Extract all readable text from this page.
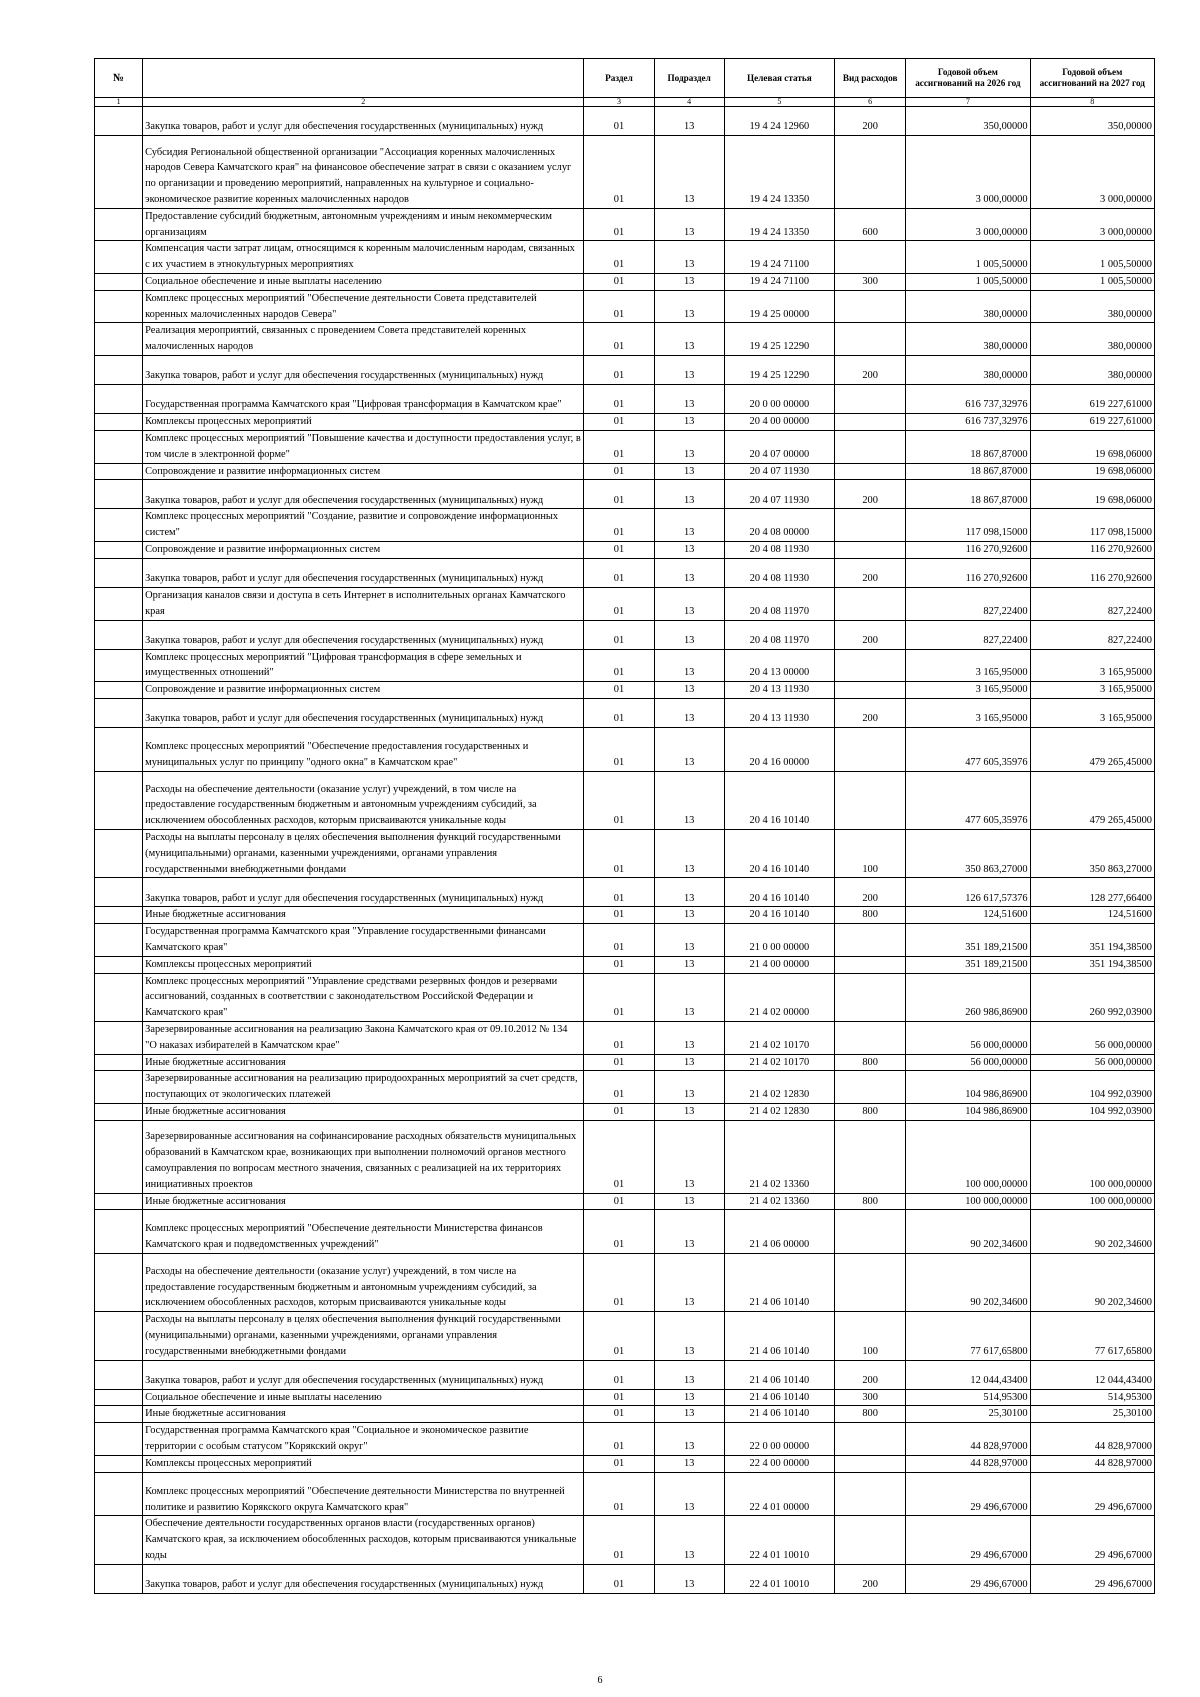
№		Раздел	Подраздел	Целевая статья	Вид расходов	Годовой объем ассигнований на 2026 год	Годовой объем ассигнований на 2027 год
1	2	3	4	5	6	7	8
	Закупка товаров, работ и услуг для обеспечения государственных (муниципальных) нужд	01	13	19 4 24 12960	200	350,00000	350,00000
	Субсидия Региональной общественной организации "Ассоциация коренных малочисленных народов Севера Камчатского края" на финансовое обеспечение затрат в связи с оказанием услуг по организации и проведению мероприятий, направленных на культурное и социально-экономическое развитие коренных малочисленных народов	01	13	19 4 24 13350		3 000,00000	3 000,00000
	Предоставление субсидий бюджетным, автономным учреждениям и иным некоммерческим организациям	01	13	19 4 24 13350	600	3 000,00000	3 000,00000
	Компенсация части затрат лицам, относящимся к коренным малочисленным народам, связанных с их участием в этнокультурных мероприятиях	01	13	19 4 24 71100		1 005,50000	1 005,50000
	Социальное обеспечение и иные выплаты населению	01	13	19 4 24 71100	300	1 005,50000	1 005,50000
	Комплекс процессных мероприятий "Обеспечение деятельности Совета представителей коренных малочисленных народов Севера"	01	13	19 4 25 00000		380,00000	380,00000
	Реализация мероприятий, связанных с проведением Совета представителей коренных малочисленных народов	01	13	19 4 25 12290		380,00000	380,00000
	Закупка товаров, работ и услуг для обеспечения государственных (муниципальных) нужд	01	13	19 4 25 12290	200	380,00000	380,00000
	Государственная программа Камчатского края "Цифровая трансформация в Камчатском крае"	01	13	20 0 00 00000		616 737,32976	619 227,61000
	Комплексы процессных мероприятий	01	13	20 4 00 00000		616 737,32976	619 227,61000
	Комплекс процессных мероприятий "Повышение качества и доступности предоставления услуг, в том числе в электронной форме"	01	13	20 4 07 00000		18 867,87000	19 698,06000
	Сопровождение и развитие информационных систем	01	13	20 4 07 11930		18 867,87000	19 698,06000
	Закупка товаров, работ и услуг для обеспечения государственных (муниципальных) нужд	01	13	20 4 07 11930	200	18 867,87000	19 698,06000
	Комплекс процессных мероприятий "Создание, развитие и сопровождение информационных систем"	01	13	20 4 08 00000		117 098,15000	117 098,15000
	Сопровождение и развитие информационных систем	01	13	20 4 08 11930		116 270,92600	116 270,92600
	Закупка товаров, работ и услуг для обеспечения государственных (муниципальных) нужд	01	13	20 4 08 11930	200	116 270,92600	116 270,92600
	Организация каналов связи и доступа в сеть Интернет в исполнительных органах Камчатского края	01	13	20 4 08 11970		827,22400	827,22400
	Закупка товаров, работ и услуг для обеспечения государственных (муниципальных) нужд	01	13	20 4 08 11970	200	827,22400	827,22400
	Комплекс процессных мероприятий "Цифровая трансформация в сфере земельных и имущественных отношений"	01	13	20 4 13 00000		3 165,95000	3 165,95000
	Сопровождение и развитие информационных систем	01	13	20 4 13 11930		3 165,95000	3 165,95000
	Закупка товаров, работ и услуг для обеспечения государственных (муниципальных) нужд	01	13	20 4 13 11930	200	3 165,95000	3 165,95000
	Комплекс процессных мероприятий "Обеспечение предоставления государственных и муниципальных услуг по принципу "одного окна" в Камчатском крае"	01	13	20 4 16 00000		477 605,35976	479 265,45000
	Расходы на обеспечение деятельности (оказание услуг) учреждений, в том числе на предоставление государственным бюджетным и автономным учреждениям субсидий, за исключением обособленных расходов, которым присваиваются уникальные коды	01	13	20 4 16 10140		477 605,35976	479 265,45000
	Расходы на выплаты персоналу в целях обеспечения выполнения функций государственными (муниципальными) органами, казенными учреждениями, органами управления государственными внебюджетными фондами	01	13	20 4 16 10140	100	350 863,27000	350 863,27000
	Закупка товаров, работ и услуг для обеспечения государственных (муниципальных) нужд	01	13	20 4 16 10140	200	126 617,57376	128 277,66400
	Иные бюджетные ассигнования	01	13	20 4 16 10140	800	124,51600	124,51600
	Государственная программа Камчатского края "Управление государственными финансами Камчатского края"	01	13	21 0 00 00000		351 189,21500	351 194,38500
	Комплексы процессных мероприятий	01	13	21 4 00 00000		351 189,21500	351 194,38500
	Комплекс процессных мероприятий "Управление средствами резервных фондов и резервами ассигнований, созданных в соответствии с законодательством Российской Федерации и Камчатского края"	01	13	21 4 02 00000		260 986,86900	260 992,03900
	Зарезервированные ассигнования на реализацию Закона Камчатского края от 09.10.2012 № 134 "О наказах избирателей в Камчатском крае"	01	13	21 4 02 10170		56 000,00000	56 000,00000
	Иные бюджетные ассигнования	01	13	21 4 02 10170	800	56 000,00000	56 000,00000
	Зарезервированные ассигнования на реализацию природоохранных мероприятий за счет средств, поступающих от экологических платежей	01	13	21 4 02 12830		104 986,86900	104 992,03900
	Иные бюджетные ассигнования	01	13	21 4 02 12830	800	104 986,86900	104 992,03900
	Зарезервированные ассигнования на софинансирование расходных обязательств муниципальных образований в Камчатском крае, возникающих при выполнении полномочий органов местного самоуправления по вопросам местного значения, связанных с реализацией на их территориях инициативных проектов	01	13	21 4 02 13360		100 000,00000	100 000,00000
	Иные бюджетные ассигнования	01	13	21 4 02 13360	800	100 000,00000	100 000,00000
	Комплекс процессных мероприятий "Обеспечение деятельности Министерства финансов Камчатского края и подведомственных учреждений"	01	13	21 4 06 00000		90 202,34600	90 202,34600
	Расходы на обеспечение деятельности (оказание услуг) учреждений, в том числе на предоставление государственным бюджетным и автономным учреждениям субсидий, за исключением обособленных расходов, которым присваиваются уникальные коды	01	13	21 4 06 10140		90 202,34600	90 202,34600
	Расходы на выплаты персоналу в целях обеспечения выполнения функций государственными (муниципальными) органами, казенными учреждениями, органами управления государственными внебюджетными фондами	01	13	21 4 06 10140	100	77 617,65800	77 617,65800
	Закупка товаров, работ и услуг для обеспечения государственных (муниципальных) нужд	01	13	21 4 06 10140	200	12 044,43400	12 044,43400
	Социальное обеспечение и иные выплаты населению	01	13	21 4 06 10140	300	514,95300	514,95300
	Иные бюджетные ассигнования	01	13	21 4 06 10140	800	25,30100	25,30100
	Государственная программа Камчатского края "Социальное и экономическое развитие территории с особым статусом "Корякский округ"	01	13	22 0 00 00000		44 828,97000	44 828,97000
	Комплексы процессных мероприятий	01	13	22 4 00 00000		44 828,97000	44 828,97000
	Комплекс процессных мероприятий "Обеспечение деятельности Министерства по внутренней политике и развитию Корякского округа Камчатского края"	01	13	22 4 01 00000		29 496,67000	29 496,67000
	Обеспечение деятельности государственных органов власти (государственных органов) Камчатского края, за исключением обособленных расходов, которым присваиваются уникальные коды	01	13	22 4 01 10010		29 496,67000	29 496,67000
	Закупка товаров, работ и услуг для обеспечения государственных (муниципальных) нужд	01	13	22 4 01 10010	200	29 496,67000	29 496,67000
6
